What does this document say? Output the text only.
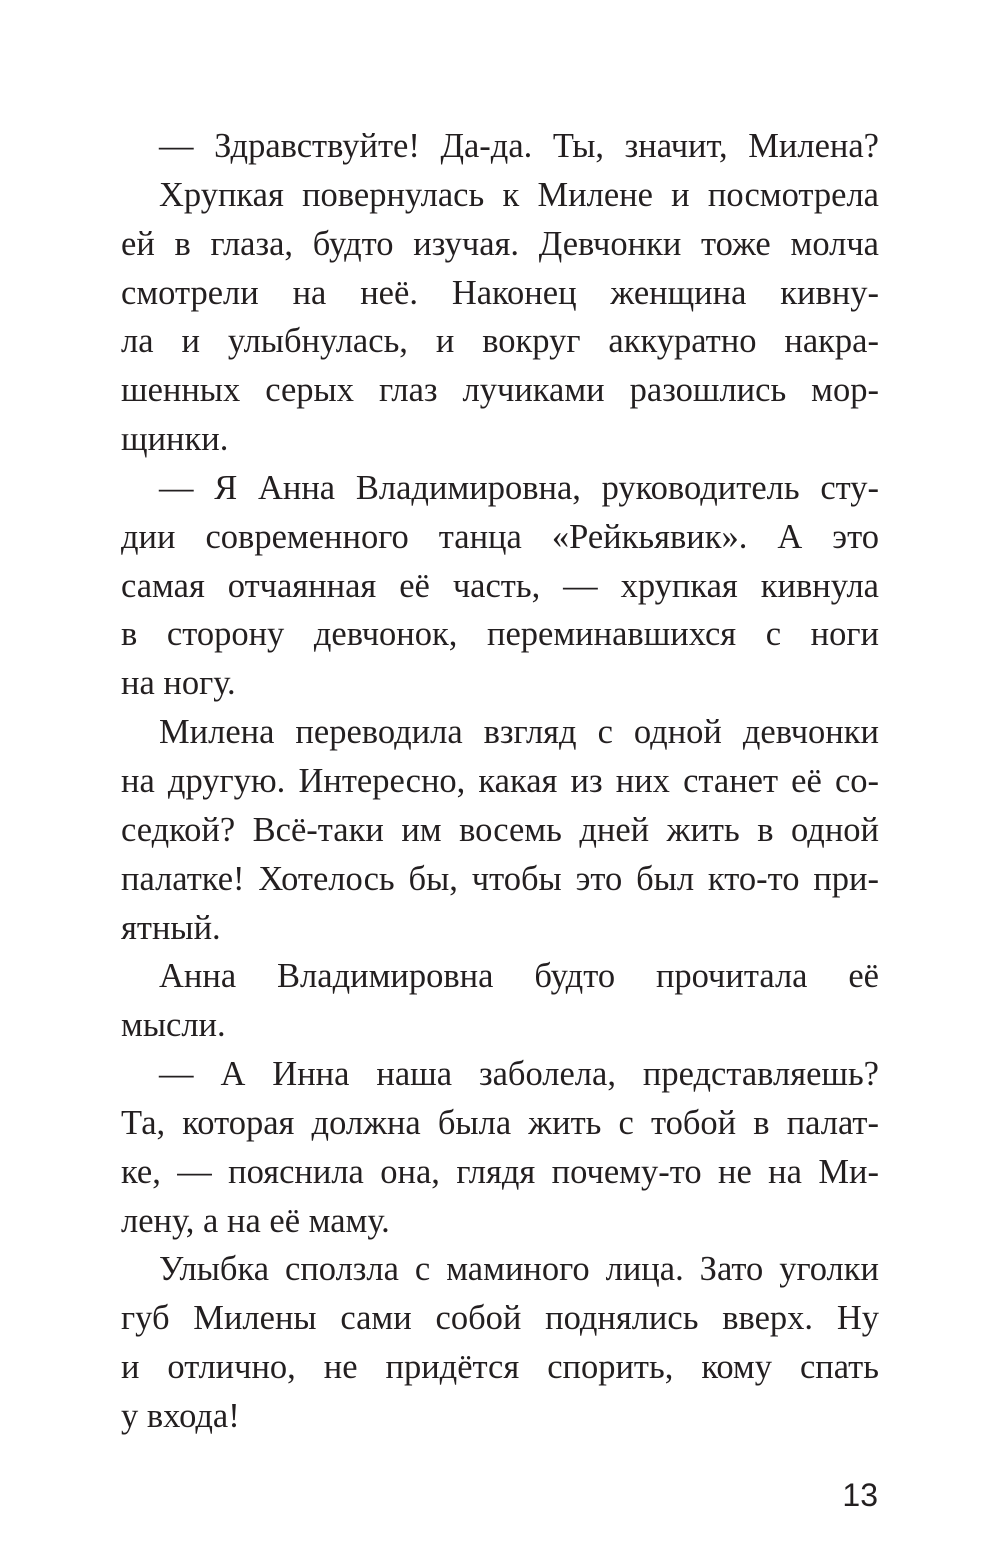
— Здравствуйте! Да-да. Ты, значит, Милена?
Хрупкая повернулась к Милене и посмотрела
ей в глаза, будто изучая. Девчонки тоже молча
смотрели на неё. Наконец женщина кивну-
ла и улыбнулась, и вокруг аккуратно накра-
шенных серых глаз лучиками разошлись мор-
щинки.
— Я Анна Владимировна, руководитель сту-
дии современного танца «Рейкьявик». А это
самая отчаянная её часть, — хрупкая кивнула
в сторону девчонок, переминавшихся с ноги
на ногу.
Милена переводила взгляд с одной девчонки
на другую. Интересно, какая из них станет её со-
седкой? Всё-таки им восемь дней жить в одной
палатке! Хотелось бы, чтобы это был кто-то при-
ятный.
Анна Владимировна будто прочитала её
мысли.
— А Инна наша заболела, представляешь?
Та, которая должна была жить с тобой в палат-
ке, — пояснила она, глядя почему-то не на Ми-
лену, а на её маму.
Улыбка сползла с маминого лица. Зато уголки
губ Милены сами собой поднялись вверх. Ну
и отлично, не придётся спорить, кому спать
у входа!
13
